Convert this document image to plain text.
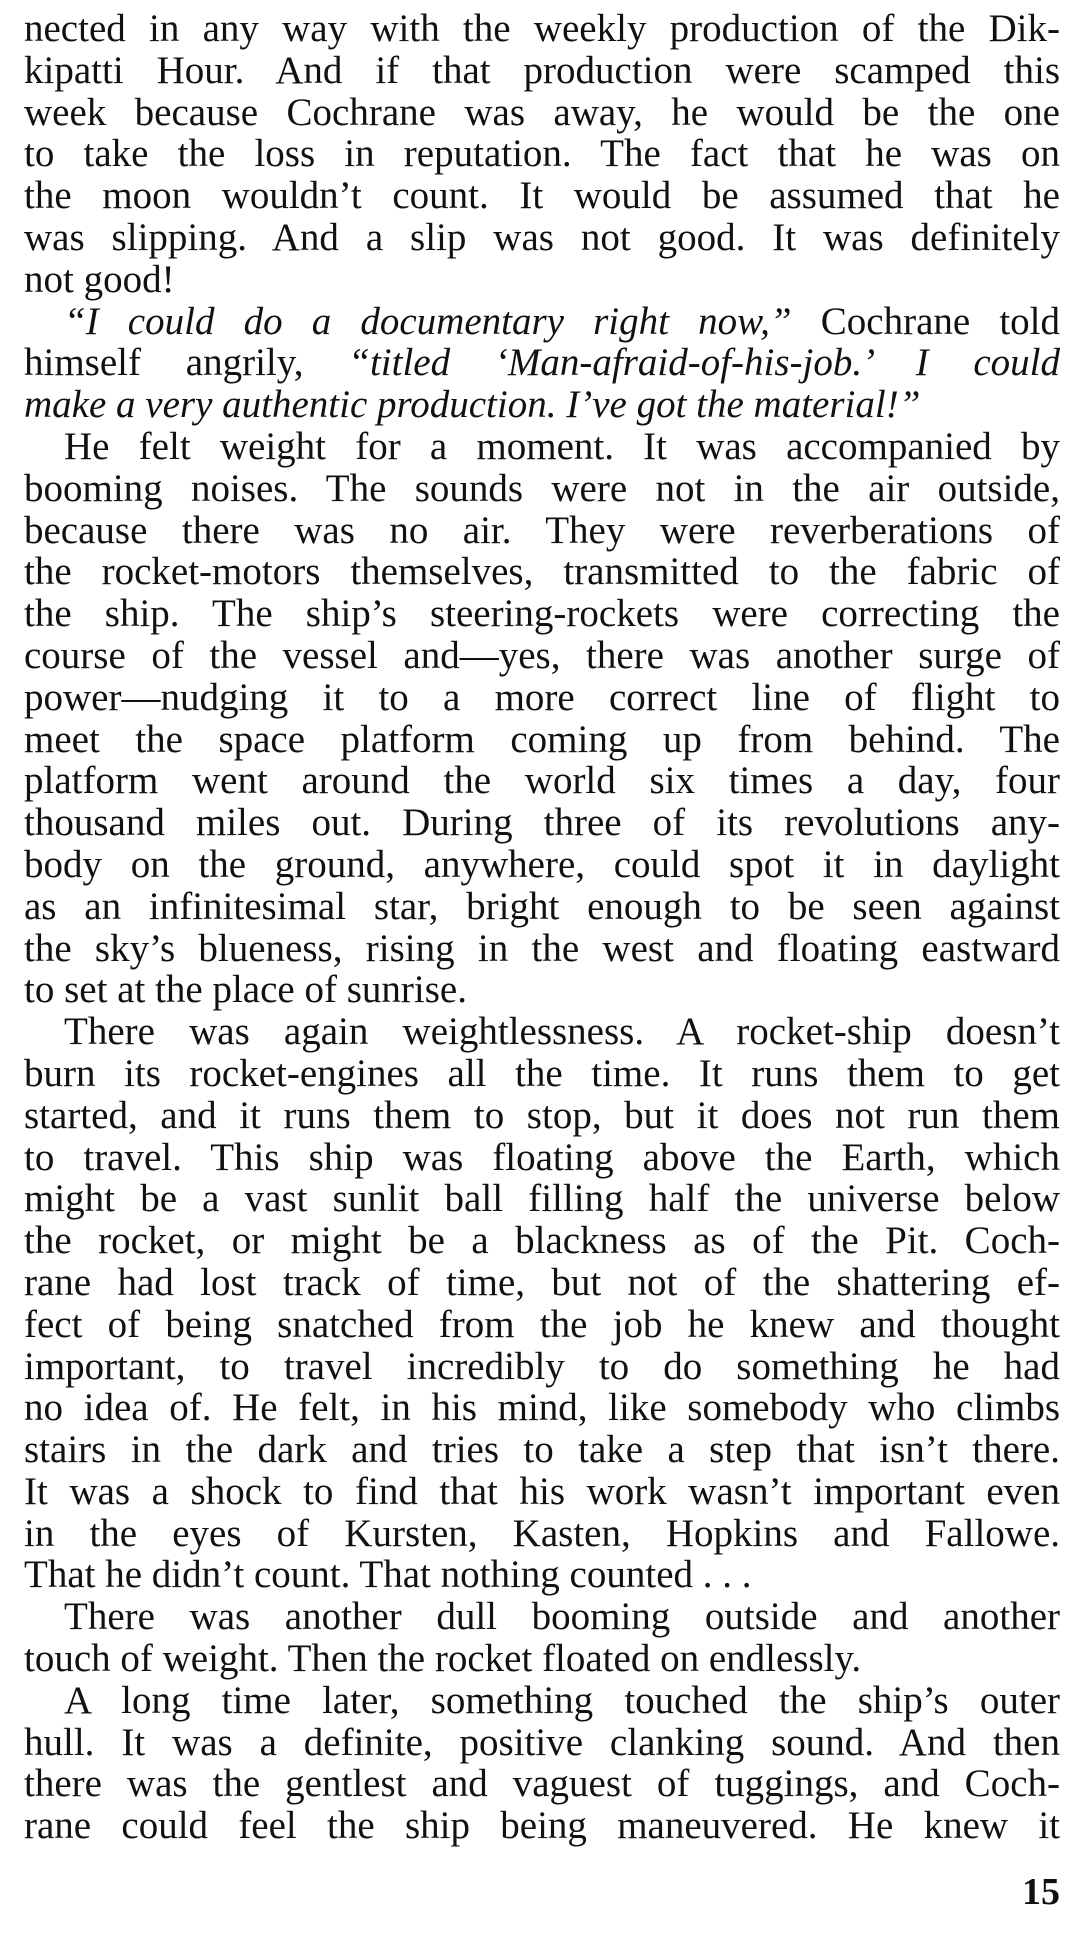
nected in any way with the weekly production of the Dik-
kipatti Hour. And if that production were scamped this
week because Cochrane was away, he would be the one
to take the loss in reputation. The fact that he was on
the moon wouldn’t count. It would be assumed that he
was slipping. And a slip was not good. It was definitely
not good!
“I could do a documentary right now,” Cochrane told
himself angrily, “titled ‘Man-afraid-of-his-job.’ I could
make a very authentic production. I’ve got the material!”
He felt weight for a moment. It was accompanied by
booming noises. The sounds were not in the air outside,
because there was no air. They were reverberations of
the rocket-motors themselves, transmitted to the fabric of
the ship. The ship’s steering-rockets were correcting the
course of the vessel and—yes, there was another surge of
power—nudging it to a more correct line of flight to
meet the space platform coming up from behind. The
platform went around the world six times a day, four
thousand miles out. During three of its revolutions any-
body on the ground, anywhere, could spot it in daylight
as an infinitesimal star, bright enough to be seen against
the sky’s blueness, rising in the west and floating eastward
to set at the place of sunrise.
There was again weightlessness. A rocket-ship doesn’t
burn its rocket-engines all the time. It runs them to get
started, and it runs them to stop, but it does not run them
to travel. This ship was floating above the Earth, which
might be a vast sunlit ball filling half the universe below
the rocket, or might be a blackness as of the Pit. Coch-
rane had lost track of time, but not of the shattering ef-
fect of being snatched from the job he knew and thought
important, to travel incredibly to do something he had
no idea of. He felt, in his mind, like somebody who climbs
stairs in the dark and tries to take a step that isn’t there.
It was a shock to find that his work wasn’t important even
in the eyes of Kursten, Kasten, Hopkins and Fallowe.
That he didn’t count. That nothing counted . . .
There was another dull booming outside and another
touch of weight. Then the rocket floated on endlessly.
A long time later, something touched the ship’s outer
hull. It was a definite, positive clanking sound. And then
there was the gentlest and vaguest of tuggings, and Coch-
rane could feel the ship being maneuvered. He knew it
15
